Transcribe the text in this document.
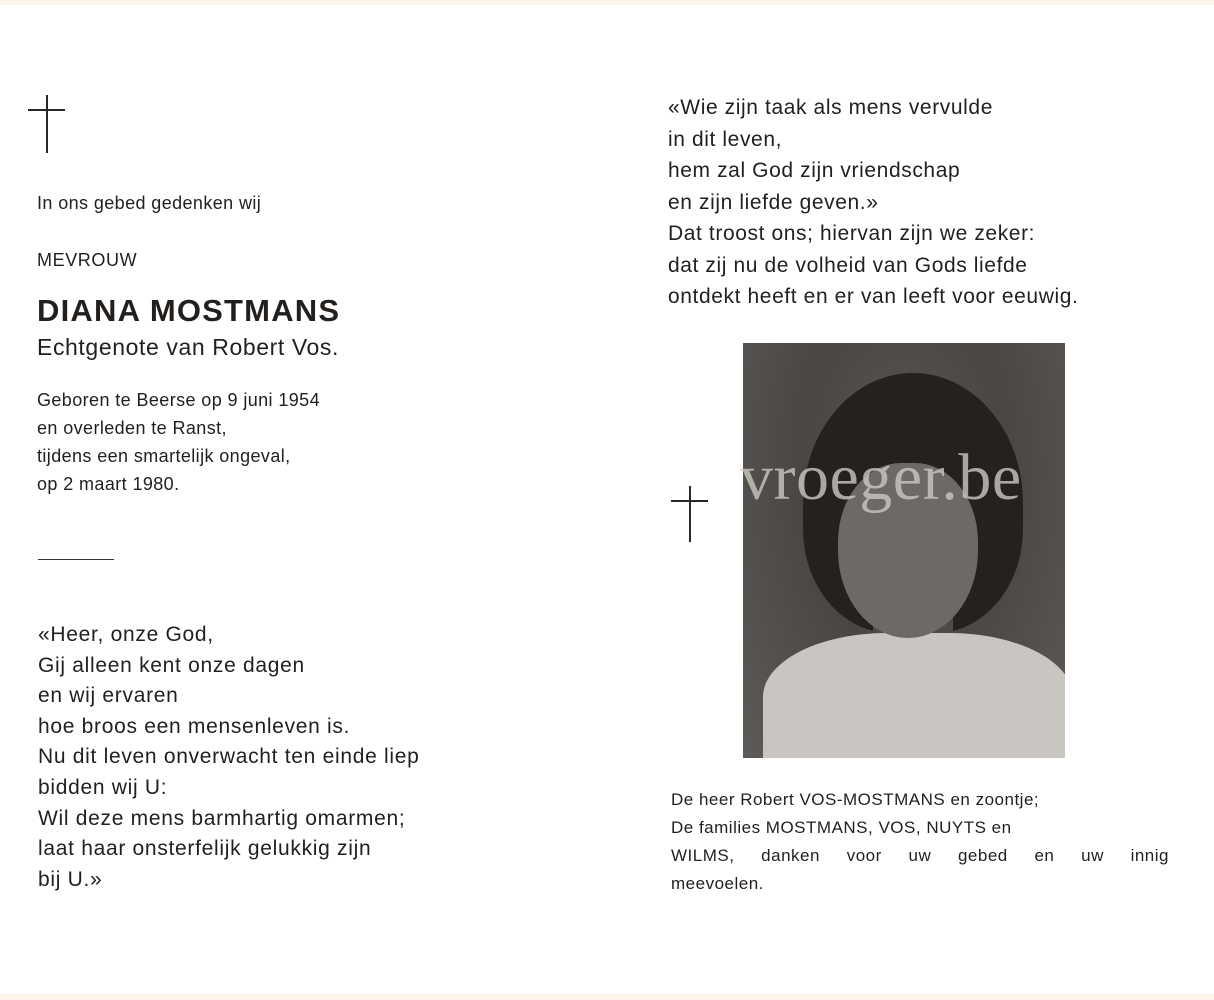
In ons gebed gedenken wij
MEVROUW
DIANA MOSTMANS
Echtgenote van Robert Vos.
Geboren te Beerse op 9 juni 1954
en overleden te Ranst,
tijdens een smartelijk ongeval,
op 2 maart 1980.
«Heer, onze God,
Gij alleen kent onze dagen
en wij ervaren
hoe broos een mensenleven is.
Nu dit leven onverwacht ten einde liep
bidden wij U:
Wil deze mens barmhartig omarmen;
laat haar onsterfelijk gelukkig zijn
bij U.»
«Wie zijn taak als mens vervulde
in dit leven,
hem zal God zijn vriendschap
en zijn liefde geven.»
Dat troost ons; hiervan zijn we zeker:
dat zij nu de volheid van Gods liefde
ontdekt heeft en er van leeft voor eeuwig.
vroeger.be
De heer Robert VOS-MOSTMANS en zoontje;
De families MOSTMANS, VOS, NUYTS en
WILMS, danken voor uw gebed en uw innig
meevoelen.
